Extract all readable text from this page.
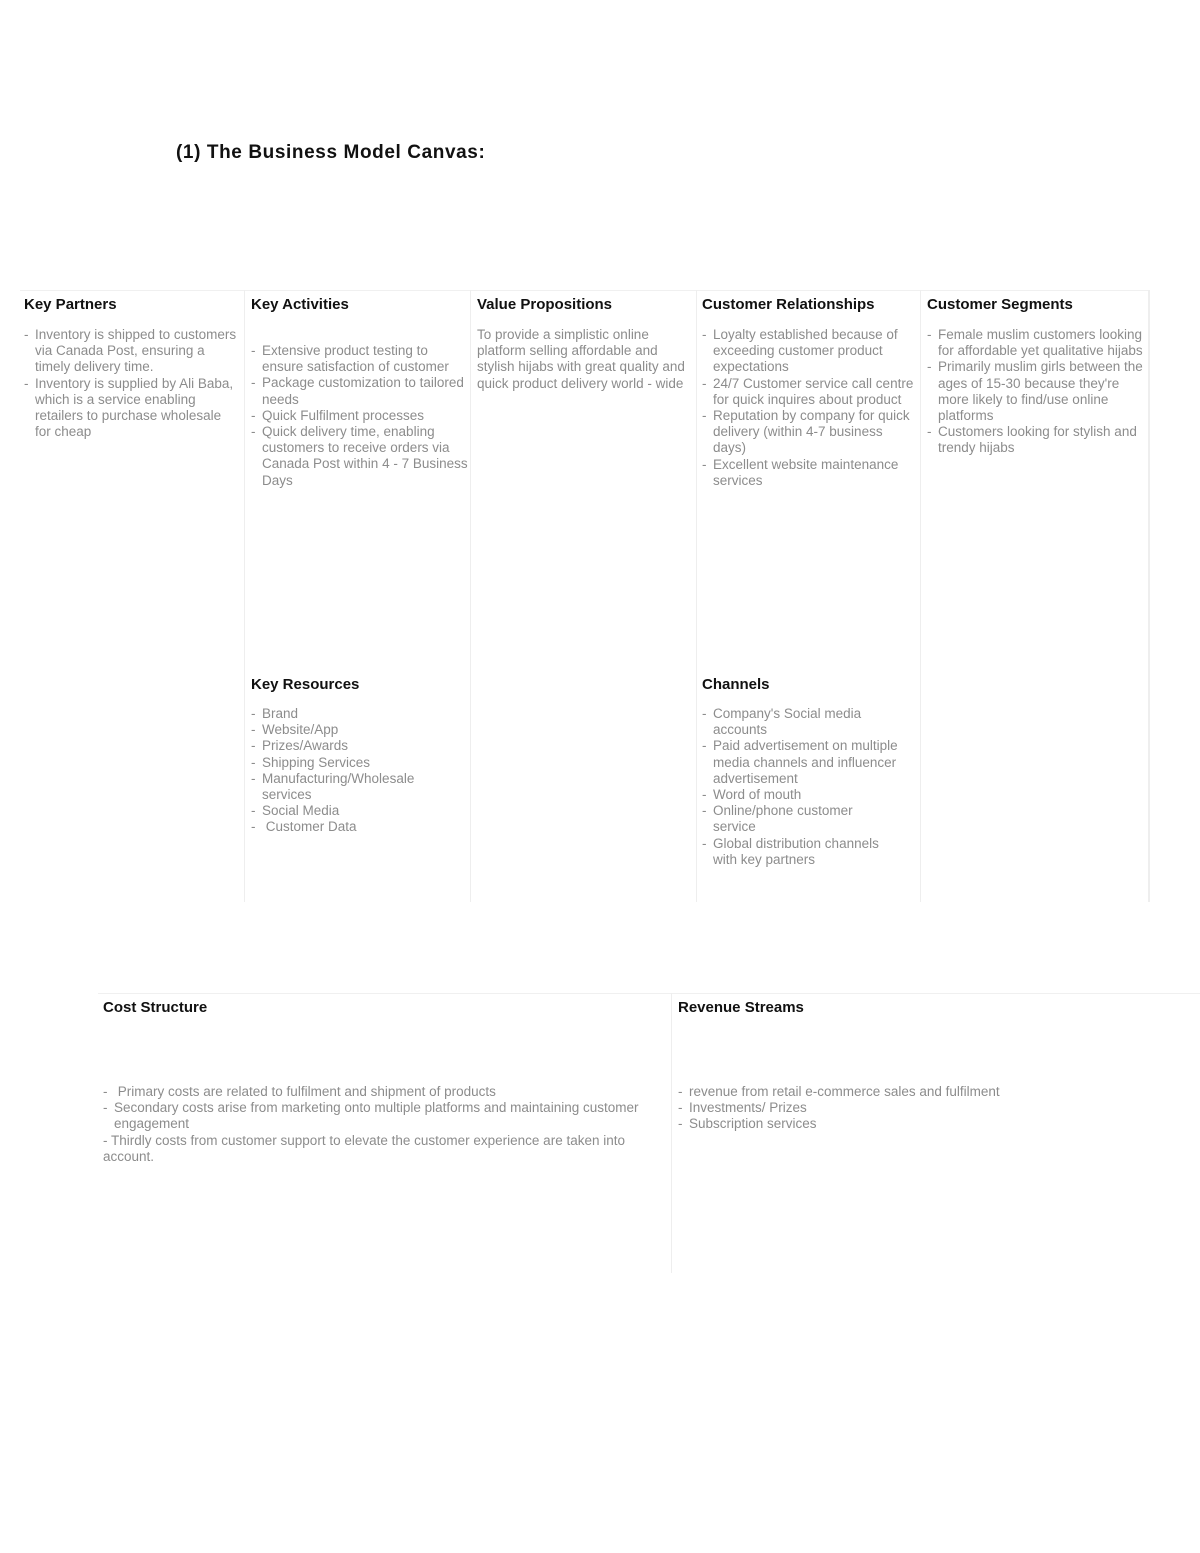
(1) The Business Model Canvas:
Key Partners
- Inventory is shipped to customers via Canada Post, ensuring a timely delivery time.
- Inventory is supplied by Ali Baba, which is a service enabling retailers to purchase wholesale for cheap
Key Activities
- Extensive product testing to ensure satisfaction of customer
- Package customization to tailored needs
- Quick Fulfilment processes
- Quick delivery time, enabling customers to receive orders via Canada Post within 4 - 7 Business Days
Value Propositions
To provide a simplistic online platform selling affordable and stylish hijabs with great quality and quick product delivery world - wide
Customer Relationships
- Loyalty established because of exceeding customer product expectations
- 24/7 Customer service call centre for quick inquires about product
- Reputation by company for quick delivery (within 4-7 business days)
- Excellent website maintenance services
Customer Segments
- Female muslim customers looking for affordable yet qualitative hijabs
- Primarily muslim girls between the ages of 15-30 because they're more likely to find/use online platforms
- Customers looking for stylish and trendy hijabs
Key Resources
- Brand
- Website/App
- Prizes/Awards
- Shipping Services
- Manufacturing/Wholesale services
- Social Media
-  Customer Data
Channels
- Company's Social media accounts
- Paid advertisement on multiple media channels and influencer advertisement
- Word of mouth
- Online/phone customer service
- Global distribution channels with key partners
Cost Structure
-  Primary costs are related to fulfilment and shipment of products
- Secondary costs arise from marketing onto multiple platforms and maintaining customer engagement
- Thirdly costs from customer support to elevate the customer experience are taken into account.
Revenue Streams
- revenue from retail e-commerce sales and fulfilment
- Investments/ Prizes
- Subscription services
